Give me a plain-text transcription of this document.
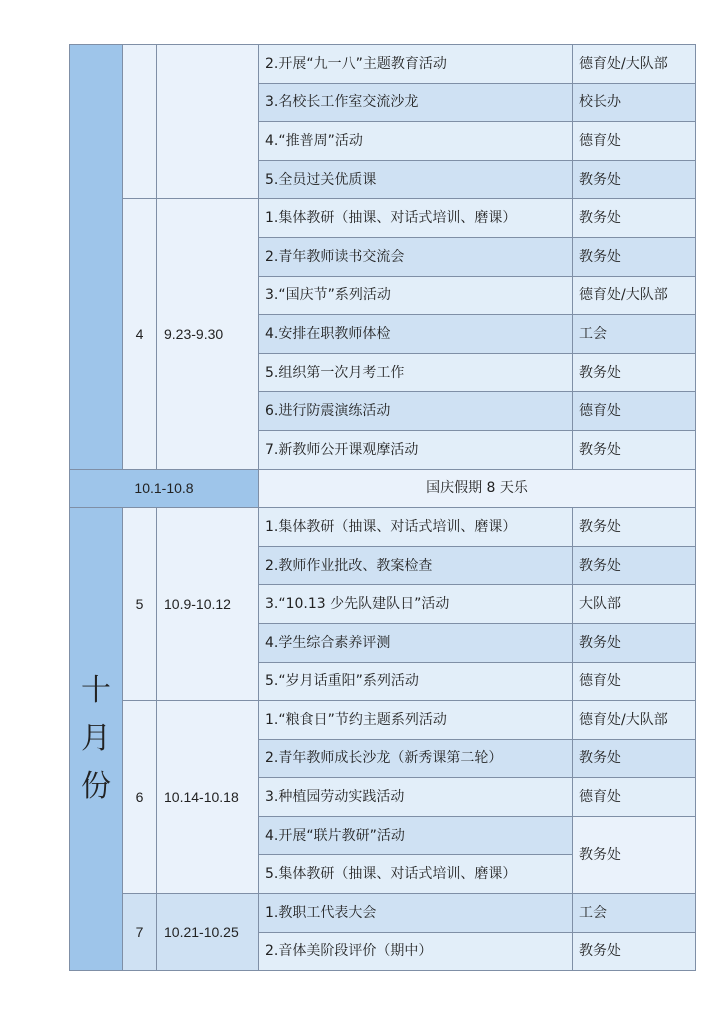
			2.开展“九一八”主题教育活动	德育处/大队部
			3.名校长工作室交流沙龙	校长办
			4.“推普周”活动	德育处
			5.全员过关优质课	教务处
	4	9.23-9.30	1.集体教研（抽课、对话式培训、磨课）	教务处
			2.青年教师读书交流会	教务处
			3.“国庆节”系列活动	德育处/大队部
			4.安排在职教师体检	工会
			5.组织第一次月考工作	教务处
			6.进行防震演练活动	德育处
			7.新教师公开课观摩活动	教务处
10.1-10.8			国庆假期 8 天乐	

十
月
份	5	10.9-10.12	1.集体教研（抽课、对话式培训、磨课）	教务处
			2.教师作业批改、教案检查	教务处
			3.“10.13 少先队建队日”活动	大队部
			4.学生综合素养评测	教务处
			5.“岁月话重阳”系列活动	德育处
	6	10.14-10.18	1.“粮食日”节约主题系列活动	德育处/大队部
			2.青年教师成长沙龙（新秀课第二轮）	教务处
			3.种植园劳动实践活动	德育处
			4.开展“联片教研”活动	教务处
			5.集体教研（抽课、对话式培训、磨课）	
	7	10.21-10.25	1.教职工代表大会	工会
			2.音体美阶段评价（期中）	教务处
